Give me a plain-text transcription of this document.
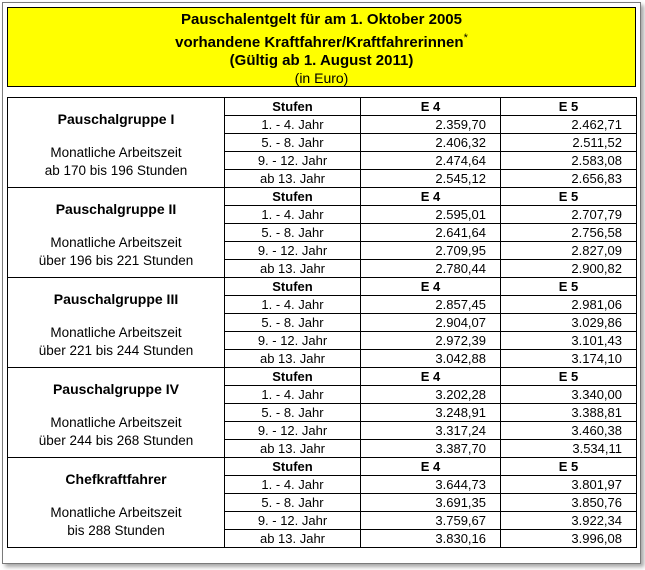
Pauschalentgelt für am 1. Oktober 2005
vorhandene Kraftfahrer/Kraftfahrerinnen*
(Gültig ab 1. August 2011)
(in Euro)
Pauschalgruppe I
Monatliche Arbeitszeit
ab 170 bis 196 Stunden	Stufen	E 4	E 5
	1. - 4. Jahr	2.359,70	2.462,71
	5. - 8. Jahr	2.406,32	2.511,52
	9. - 12. Jahr	2.474,64	2.583,08
	ab 13. Jahr	2.545,12	2.656,83

Pauschalgruppe II
Monatliche Arbeitszeit
über 196 bis 221 Stunden	Stufen	E 4	E 5
	1. - 4. Jahr	2.595,01	2.707,79
	5. - 8. Jahr	2.641,64	2.756,58
	9. - 12. Jahr	2.709,95	2.827,09
	ab 13. Jahr	2.780,44	2.900,82

Pauschalgruppe III
Monatliche Arbeitszeit
über 221 bis 244 Stunden	Stufen	E 4	E 5
	1. - 4. Jahr	2.857,45	2.981,06
	5. - 8. Jahr	2.904,07	3.029,86
	9. - 12. Jahr	2.972,39	3.101,43
	ab 13. Jahr	3.042,88	3.174,10

Pauschalgruppe IV
Monatliche Arbeitszeit
über 244 bis 268 Stunden	Stufen	E 4	E 5
	1. - 4. Jahr	3.202,28	3.340,00
	5. - 8. Jahr	3.248,91	3.388,81
	9. - 12. Jahr	3.317,24	3.460,38
	ab 13. Jahr	3.387,70	3.534,11

Chefkraftfahrer
Monatliche Arbeitszeit
bis 288 Stunden	Stufen	E 4	E 5
	1. - 4. Jahr	3.644,73	3.801,97
	5. - 8. Jahr	3.691,35	3.850,76
	9. - 12. Jahr	3.759,67	3.922,34
	ab 13. Jahr	3.830,16	3.996,08
